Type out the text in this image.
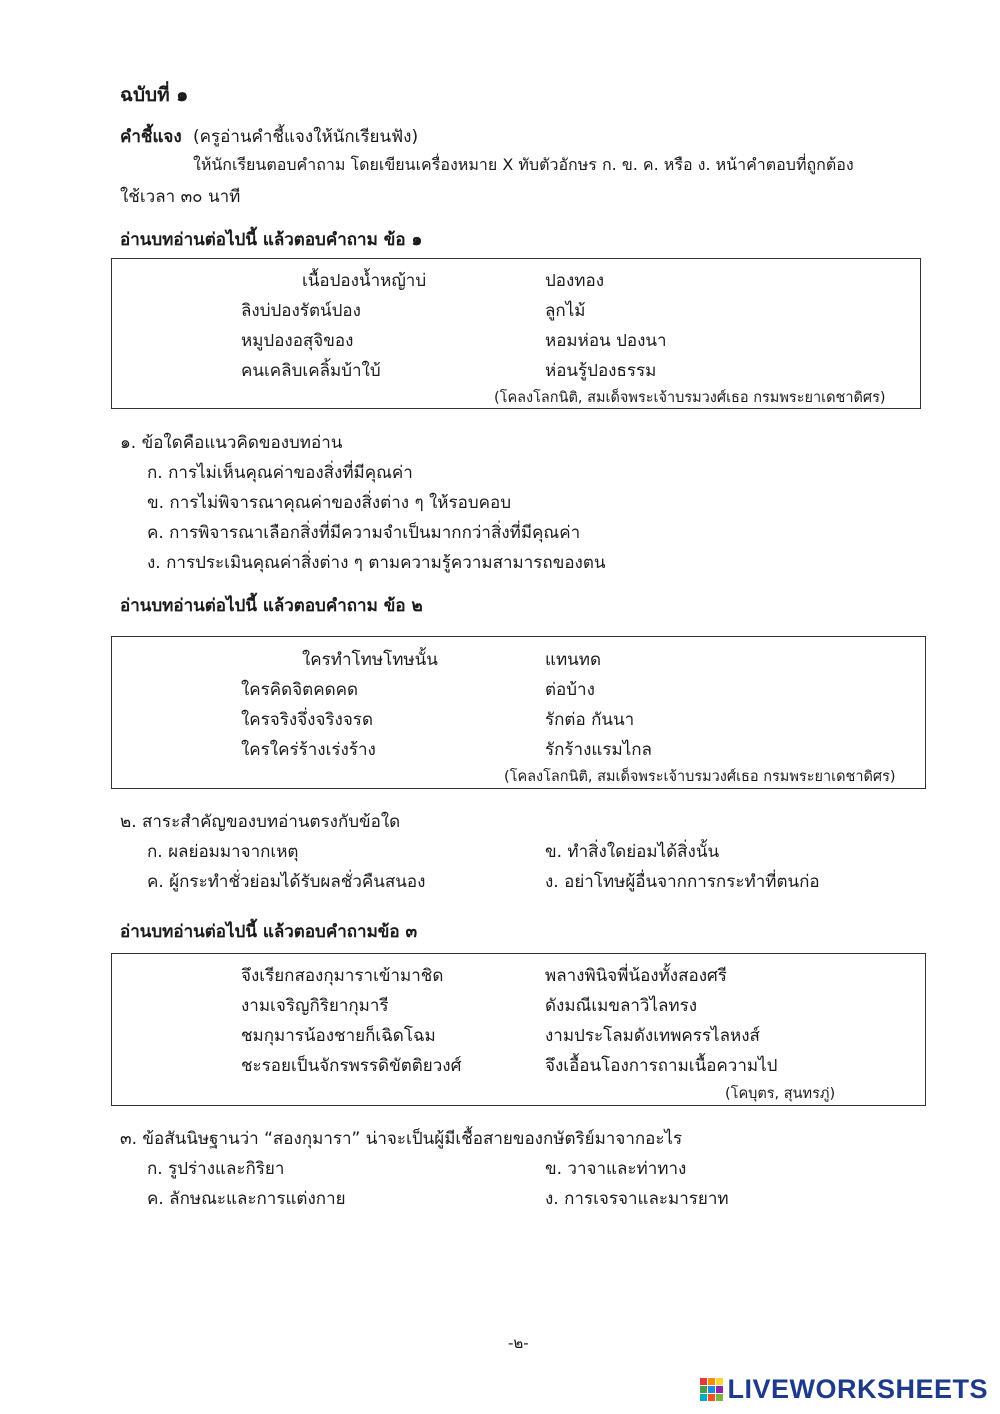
ฉบับที่ ๑
คำชี้แจง (ครูอ่านคำชี้แจงให้นักเรียนฟัง)
ให้นักเรียนตอบคำถาม โดยเขียนเครื่องหมาย X ทับตัวอักษร ก. ข. ค. หรือ ง. หน้าคำตอบที่ถูกต้อง
ใช้เวลา ๓๐ นาที
อ่านบทอ่านต่อไปนี้ แล้วตอบคำถาม ข้อ ๑
เนื้อปองน้ำหญ้าบ่	ปองทอง
ลิงบ่ปองรัตน์ปอง	ลูกไม้
หมูปองอสุจิของ	หอมห่อน ปองนา
คนเคลิบเคลิ้มบ้าใบ้	ห่อนรู้ปองธรรม
(โคลงโลกนิติ, สมเด็จพระเจ้าบรมวงศ์เธอ กรมพระยาเดชาดิศร)
๑. ข้อใดคือแนวคิดของบทอ่าน
ก. การไม่เห็นคุณค่าของสิ่งที่มีคุณค่า
ข. การไม่พิจารณาคุณค่าของสิ่งต่าง ๆ ให้รอบคอบ
ค. การพิจารณาเลือกสิ่งที่มีความจำเป็นมากกว่าสิ่งที่มีคุณค่า
ง. การประเมินคุณค่าสิ่งต่าง ๆ ตามความรู้ความสามารถของตน
อ่านบทอ่านต่อไปนี้ แล้วตอบคำถาม ข้อ ๒
ใครทำโทษโทษนั้น	แทนทด
ใครคิดจิตคดคด	ต่อบ้าง
ใครจริงจึ่งจริงจรด	รักต่อ กันนา
ใครใคร่ร้างเร่งร้าง	รักร้างแรมไกล
(โคลงโลกนิติ, สมเด็จพระเจ้าบรมวงศ์เธอ กรมพระยาเดชาดิศร)
๒. สาระสำคัญของบทอ่านตรงกับข้อใด
ก. ผลย่อมมาจากเหตุ	ข. ทำสิ่งใดย่อมได้สิ่งนั้น
ค. ผู้กระทำชั่วย่อมได้รับผลชั่วคืนสนอง	ง. อย่าโทษผู้อื่นจากการกระทำที่ตนก่อ
อ่านบทอ่านต่อไปนี้ แล้วตอบคำถามข้อ ๓
จึงเรียกสองกุมาราเข้ามาชิด	พลางพินิจพี่น้องทั้งสองศรี
งามเจริญกิริยากุมารี	ดังมณีเมขลาวิไลทรง
ชมกุมารน้องชายก็เฉิดโฉม	งามประโลมดังเทพครรไลหงส์
ชะรอยเป็นจักรพรรดิขัตติยวงศ์	จึงเอื้อนโองการถามเนื้อความไป
(โคบุตร, สุนทรภู่)
๓. ข้อสันนิษฐานว่า “สองกุมารา” น่าจะเป็นผู้มีเชื้อสายของกษัตริย์มาจากอะไร
ก. รูปร่างและกิริยา	ข. วาจาและท่าทาง
ค. ลักษณะและการแต่งกาย	ง. การเจรจาและมารยาท
-๒-
LIVEWORKSHEETS
